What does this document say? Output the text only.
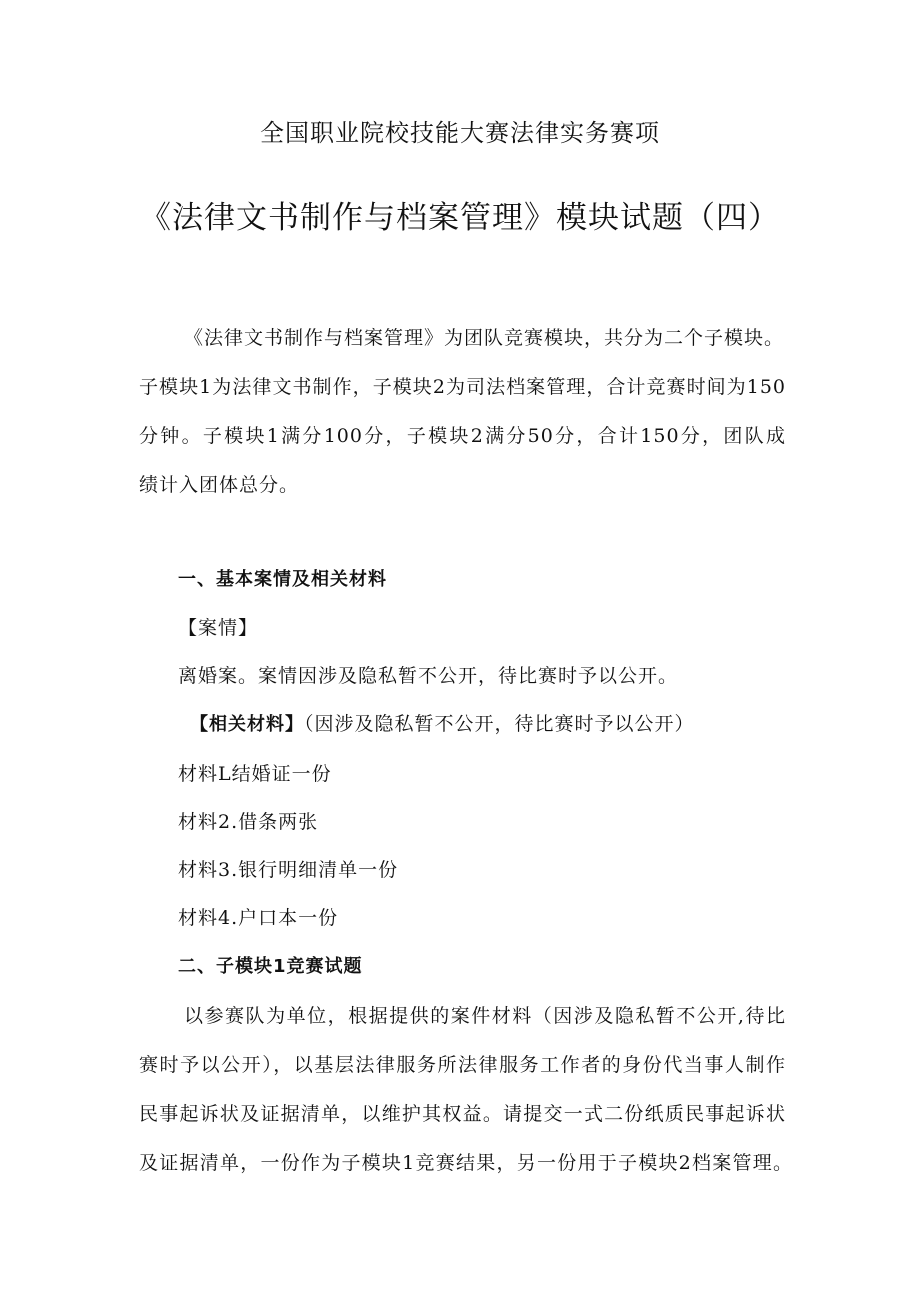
全国职业院校技能大赛法律实务赛项
《法律文书制作与档案管理》模块试题（四）
《法律文书制作与档案管理》为团队竞赛模块，共分为二个子模块。
子模块1为法律文书制作，子模块2为司法档案管理，合计竞赛时间为150
分钟。子模块1满分100分，子模块2满分50分，合计150分，团队成
绩计入团体总分。
一、基本案情及相关材料
【案情】
离婚案。案情因涉及隐私暂不公开，待比赛时予以公开。
【相关材料】（因涉及隐私暂不公开，待比赛时予以公开）
材料L结婚证一份
材料2.借条两张
材料3.银行明细清单一份
材料4.户口本一份
二、子模块1竞赛试题
以参赛队为单位，根据提供的案件材料（因涉及隐私暂不公开,待比
赛时予以公开），以基层法律服务所法律服务工作者的身份代当事人制作
民事起诉状及证据清单，以维护其权益。请提交一式二份纸质民事起诉状
及证据清单，一份作为子模块1竞赛结果，另一份用于子模块2档案管理。
